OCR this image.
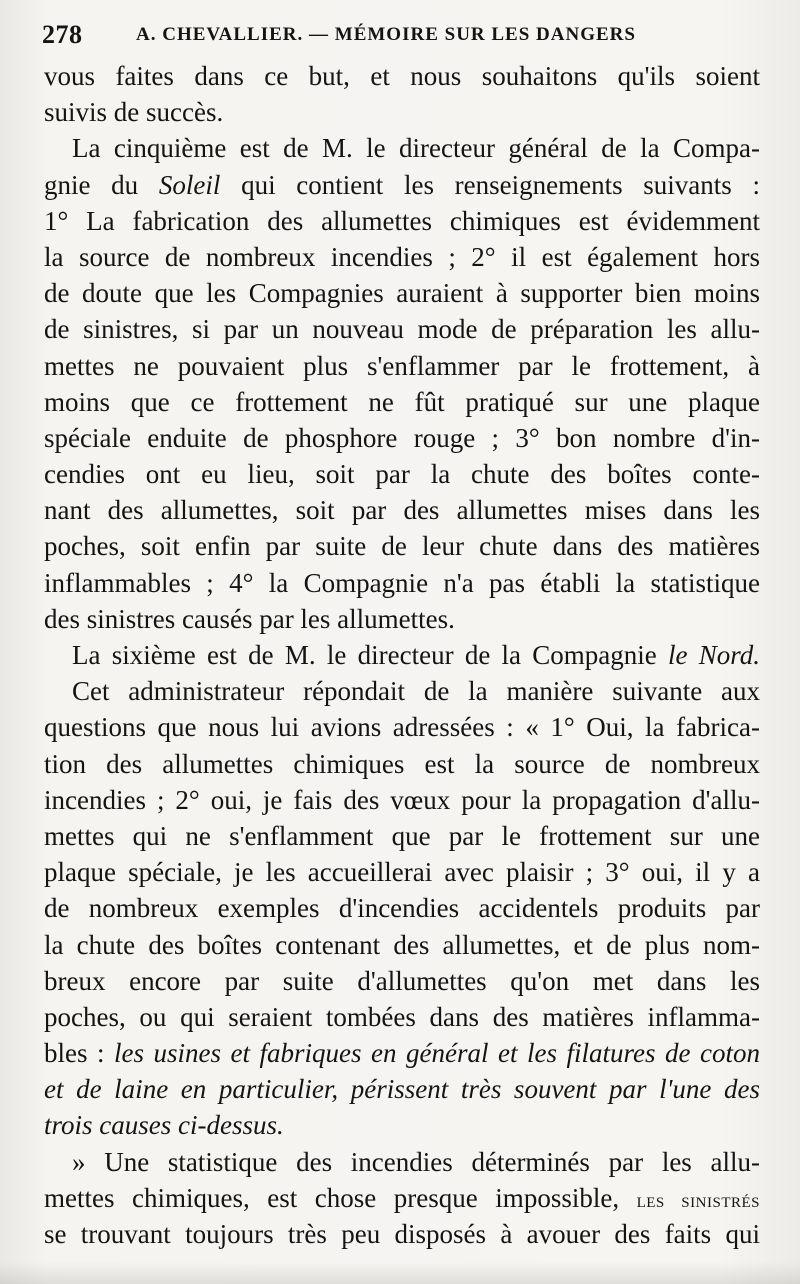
278	A. CHEVALLIER. — MÉMOIRE SUR LES DANGERS
vous faites dans ce but, et nous souhaitons qu'ils soient
suivis de succès.
La cinquième est de M. le directeur général de la Compa-
gnie du Soleil qui contient les renseignements suivants :
1° La fabrication des allumettes chimiques est évidemment
la source de nombreux incendies ; 2° il est également hors
de doute que les Compagnies auraient à supporter bien moins
de sinistres, si par un nouveau mode de préparation les allu-
mettes ne pouvaient plus s'enflammer par le frottement, à
moins que ce frottement ne fût pratiqué sur une plaque
spéciale enduite de phosphore rouge ; 3° bon nombre d'in-
cendies ont eu lieu, soit par la chute des boîtes conte-
nant des allumettes, soit par des allumettes mises dans les
poches, soit enfin par suite de leur chute dans des matières
inflammables ; 4° la Compagnie n'a pas établi la statistique
des sinistres causés par les allumettes.
La sixième est de M. le directeur de la Compagnie le Nord.
Cet administrateur répondait de la manière suivante aux
questions que nous lui avions adressées : « 1° Oui, la fabrica-
tion des allumettes chimiques est la source de nombreux
incendies ; 2° oui, je fais des vœux pour la propagation d'allu-
mettes qui ne s'enflamment que par le frottement sur une
plaque spéciale, je les accueillerai avec plaisir ; 3° oui, il y a
de nombreux exemples d'incendies accidentels produits par
la chute des boîtes contenant des allumettes, et de plus nom-
breux encore par suite d'allumettes qu'on met dans les
poches, ou qui seraient tombées dans des matières inflamma-
bles : les usines et fabriques en général et les filatures de coton
et de laine en particulier, périssent très souvent par l'une des
trois causes ci-dessus.
» Une statistique des incendies déterminés par les allu-
mettes chimiques, est chose presque impossible, les sinistrés
se trouvant toujours très peu disposés à avouer des faits qui
